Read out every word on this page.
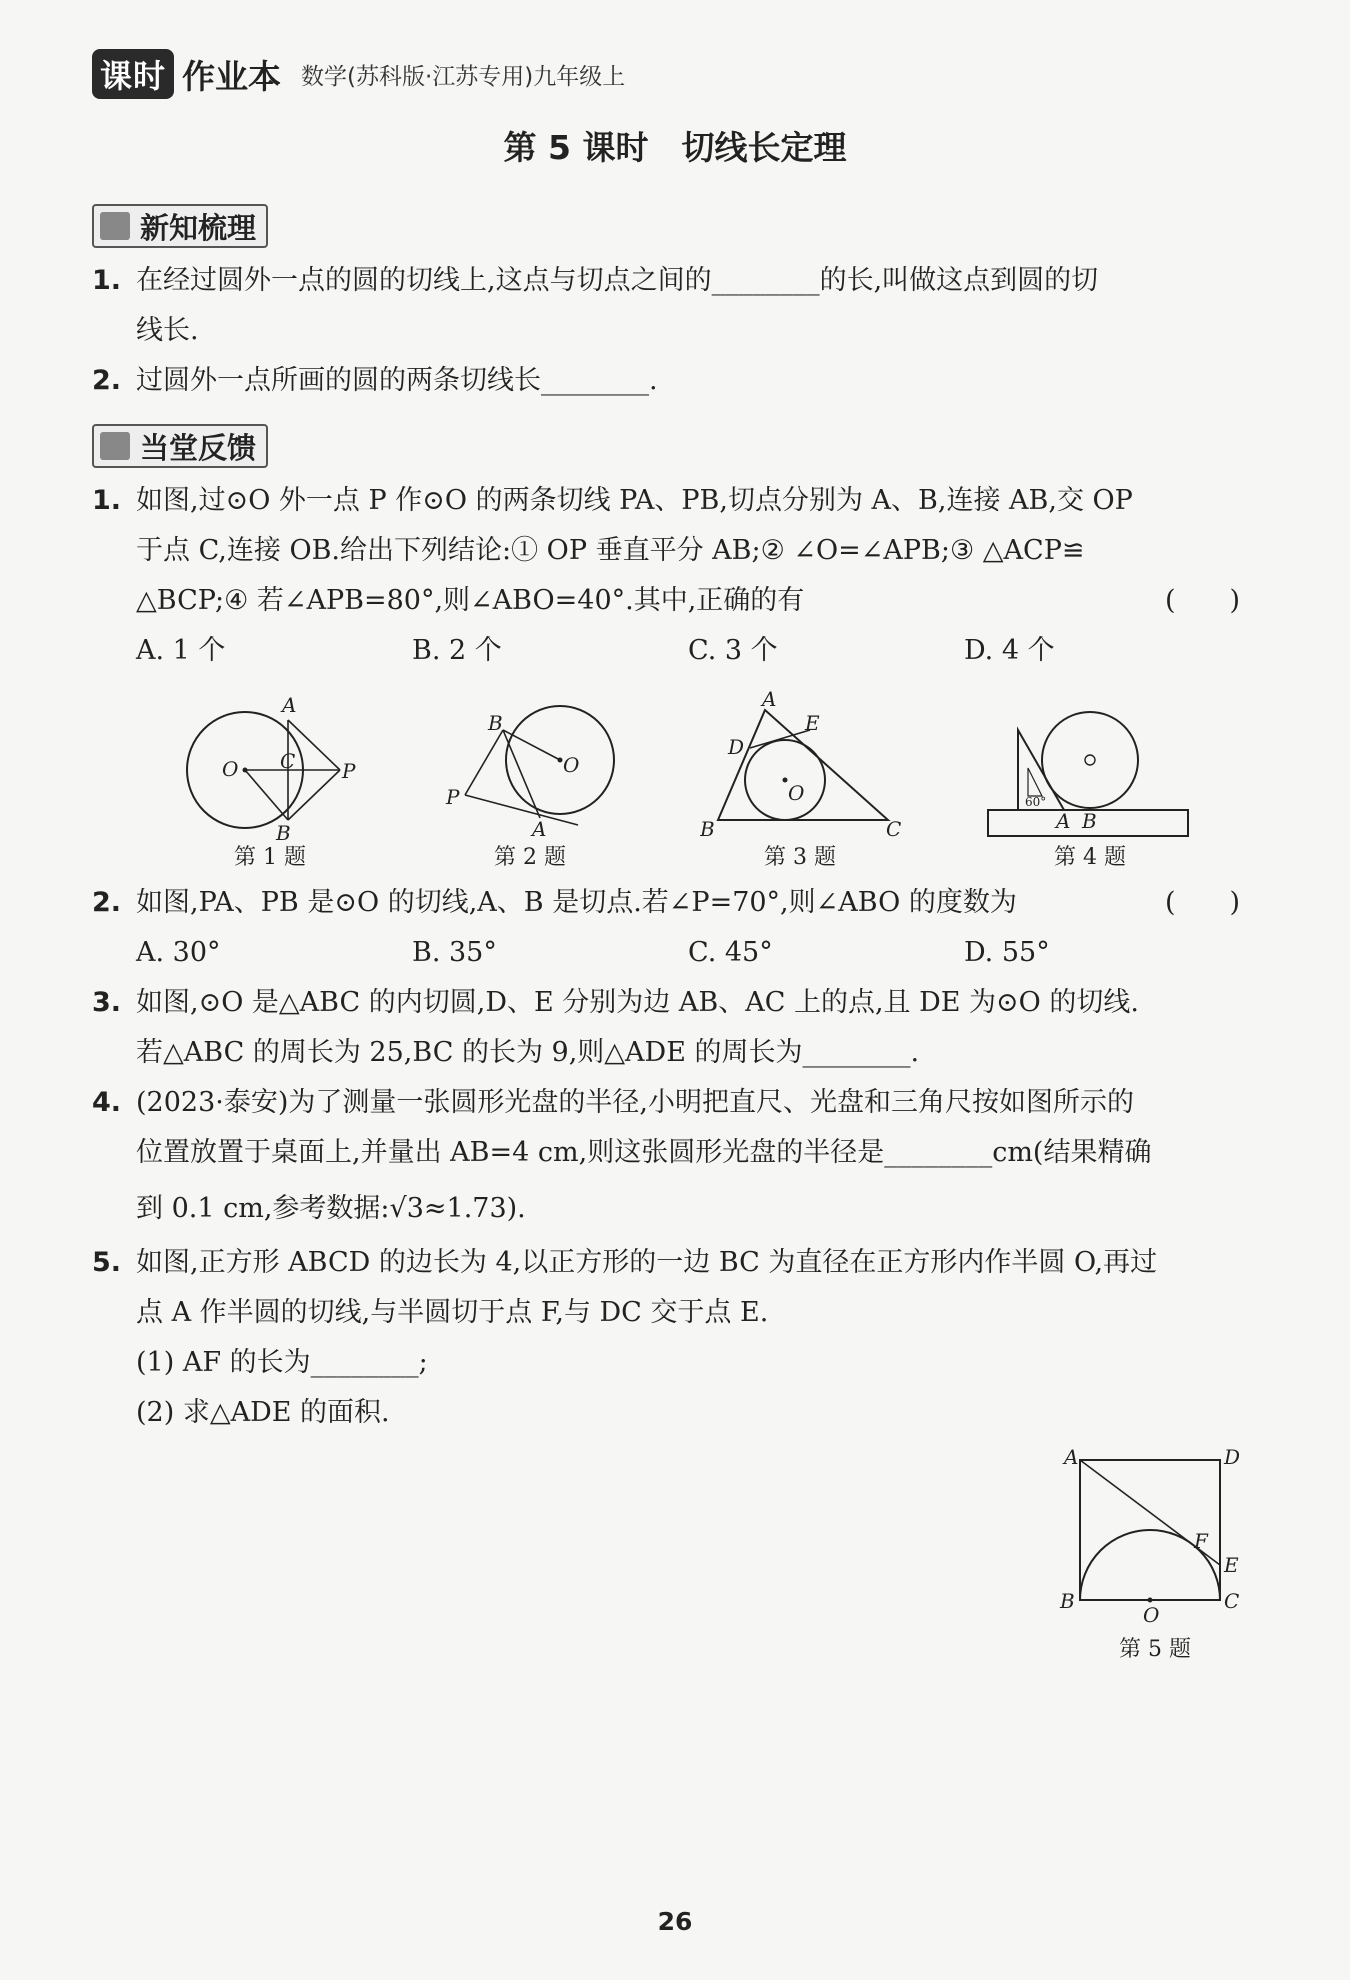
课时 作业本 数学(苏科版·江苏专用)九年级上
第 5 课时　切线长定理
新知梳理
1. 在经过圆外一点的圆的切线上,这点与切点之间的________的长,叫做这点到圆的切
线长.
2. 过圆外一点所画的圆的两条切线长________.
当堂反馈
1. 如图,过⊙O 外一点 P 作⊙O 的两条切线 PA、PB,切点分别为 A、B,连接 AB,交 OP
于点 C,连接 OB.给出下列结论:① OP 垂直平分 AB;② ∠O=∠APB;③ △ACP≌
△BCP;④ 若∠APB=80°,则∠ABO=40°.其中,正确的有	(　　)
A. 1 个	B. 2 个	C. 3 个	D. 4 个
A
O C P
B
第 1 题
B
O
P
A
第 2 题
A
E
D
O
B	C
第 3 题
60°
A B
第 4 题
2. 如图,PA、PB 是⊙O 的切线,A、B 是切点.若∠P=70°,则∠ABO 的度数为	(　　)
A. 30°	B. 35°	C. 45°	D. 55°
3. 如图,⊙O 是△ABC 的内切圆,D、E 分别为边 AB、AC 上的点,且 DE 为⊙O 的切线.
若△ABC 的周长为 25,BC 的长为 9,则△ADE 的周长为________.
4. (2023·泰安)为了测量一张圆形光盘的半径,小明把直尺、光盘和三角尺按如图所示的
位置放置于桌面上,并量出 AB=4 cm,则这张圆形光盘的半径是________cm(结果精确
到 0.1 cm,参考数据:√3≈1.73).
5. 如图,正方形 ABCD 的边长为 4,以正方形的一边 BC 为直径在正方形内作半圆 O,再过
点 A 作半圆的切线,与半圆切于点 F,与 DC 交于点 E.
(1) AF 的长为________;
(2) 求△ADE 的面积.
A	D
F
E
B
O
C
第 5 题
26
